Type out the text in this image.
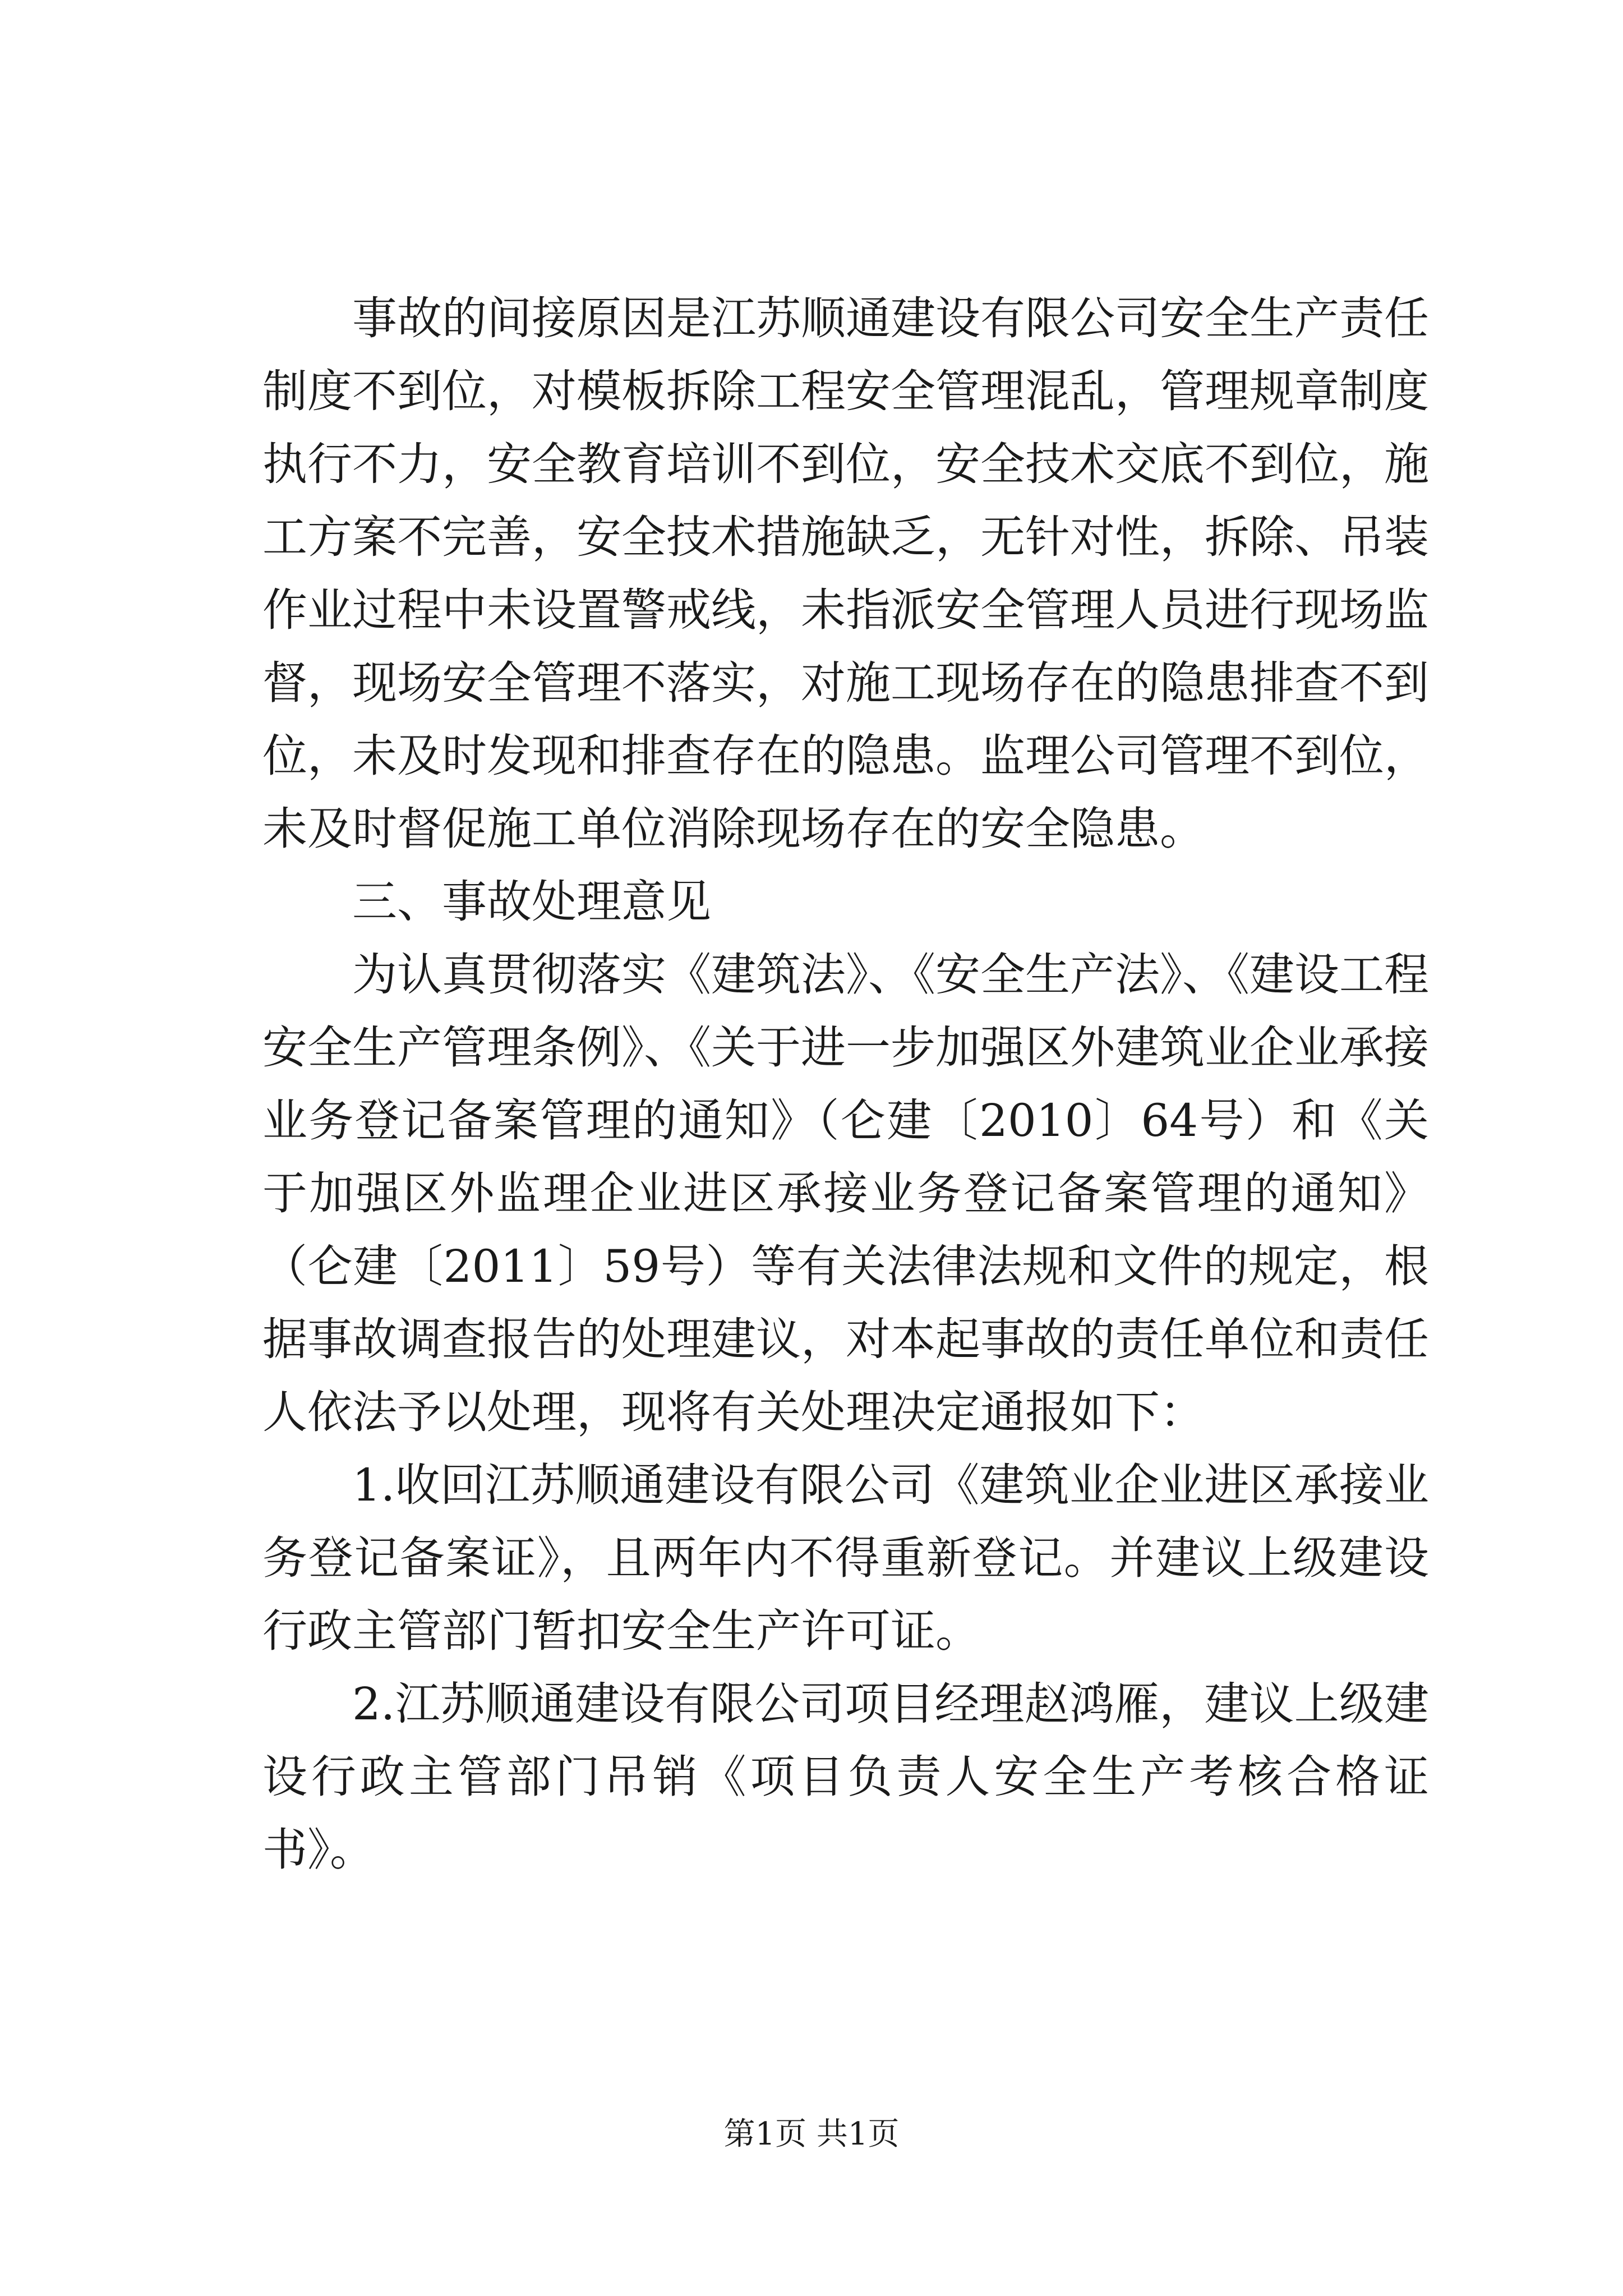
事故的间接原因是江苏顺通建设有限公司安全生产责任制度不到位，对模板拆除工程安全管理混乱，管理规章制度执行不力，安全教育培训不到位，安全技术交底不到位，施工方案不完善，安全技术措施缺乏，无针对性，拆除、吊装作业过程中未设置警戒线，未指派安全管理人员进行现场监督，现场安全管理不落实，对施工现场存在的隐患排查不到位，未及时发现和排查存在的隐患。监理公司管理不到位，未及时督促施工单位消除现场存在的安全隐患。

三、事故处理意见

为认真贯彻落实《建筑法》、《安全生产法》、《建设工程安全生产管理条例》、《关于进一步加强区外建筑业企业承接业务登记备案管理的通知》（仑建〔2010〕64号）和《关于加强区外监理企业进区承接业务登记备案管理的通知》（仑建〔2011〕59号）等有关法律法规和文件的规定，根据事故调查报告的处理建议，对本起事故的责任单位和责任人依法予以处理，现将有关处理决定通报如下：

1.收回江苏顺通建设有限公司《建筑业企业进区承接业务登记备案证》，且两年内不得重新登记。并建议上级建设行政主管部门暂扣安全生产许可证。

2.江苏顺通建设有限公司项目经理赵鸿雁，建议上级建设行政主管部门吊销《项目负责人安全生产考核合格证书》。

第1页 共1页
